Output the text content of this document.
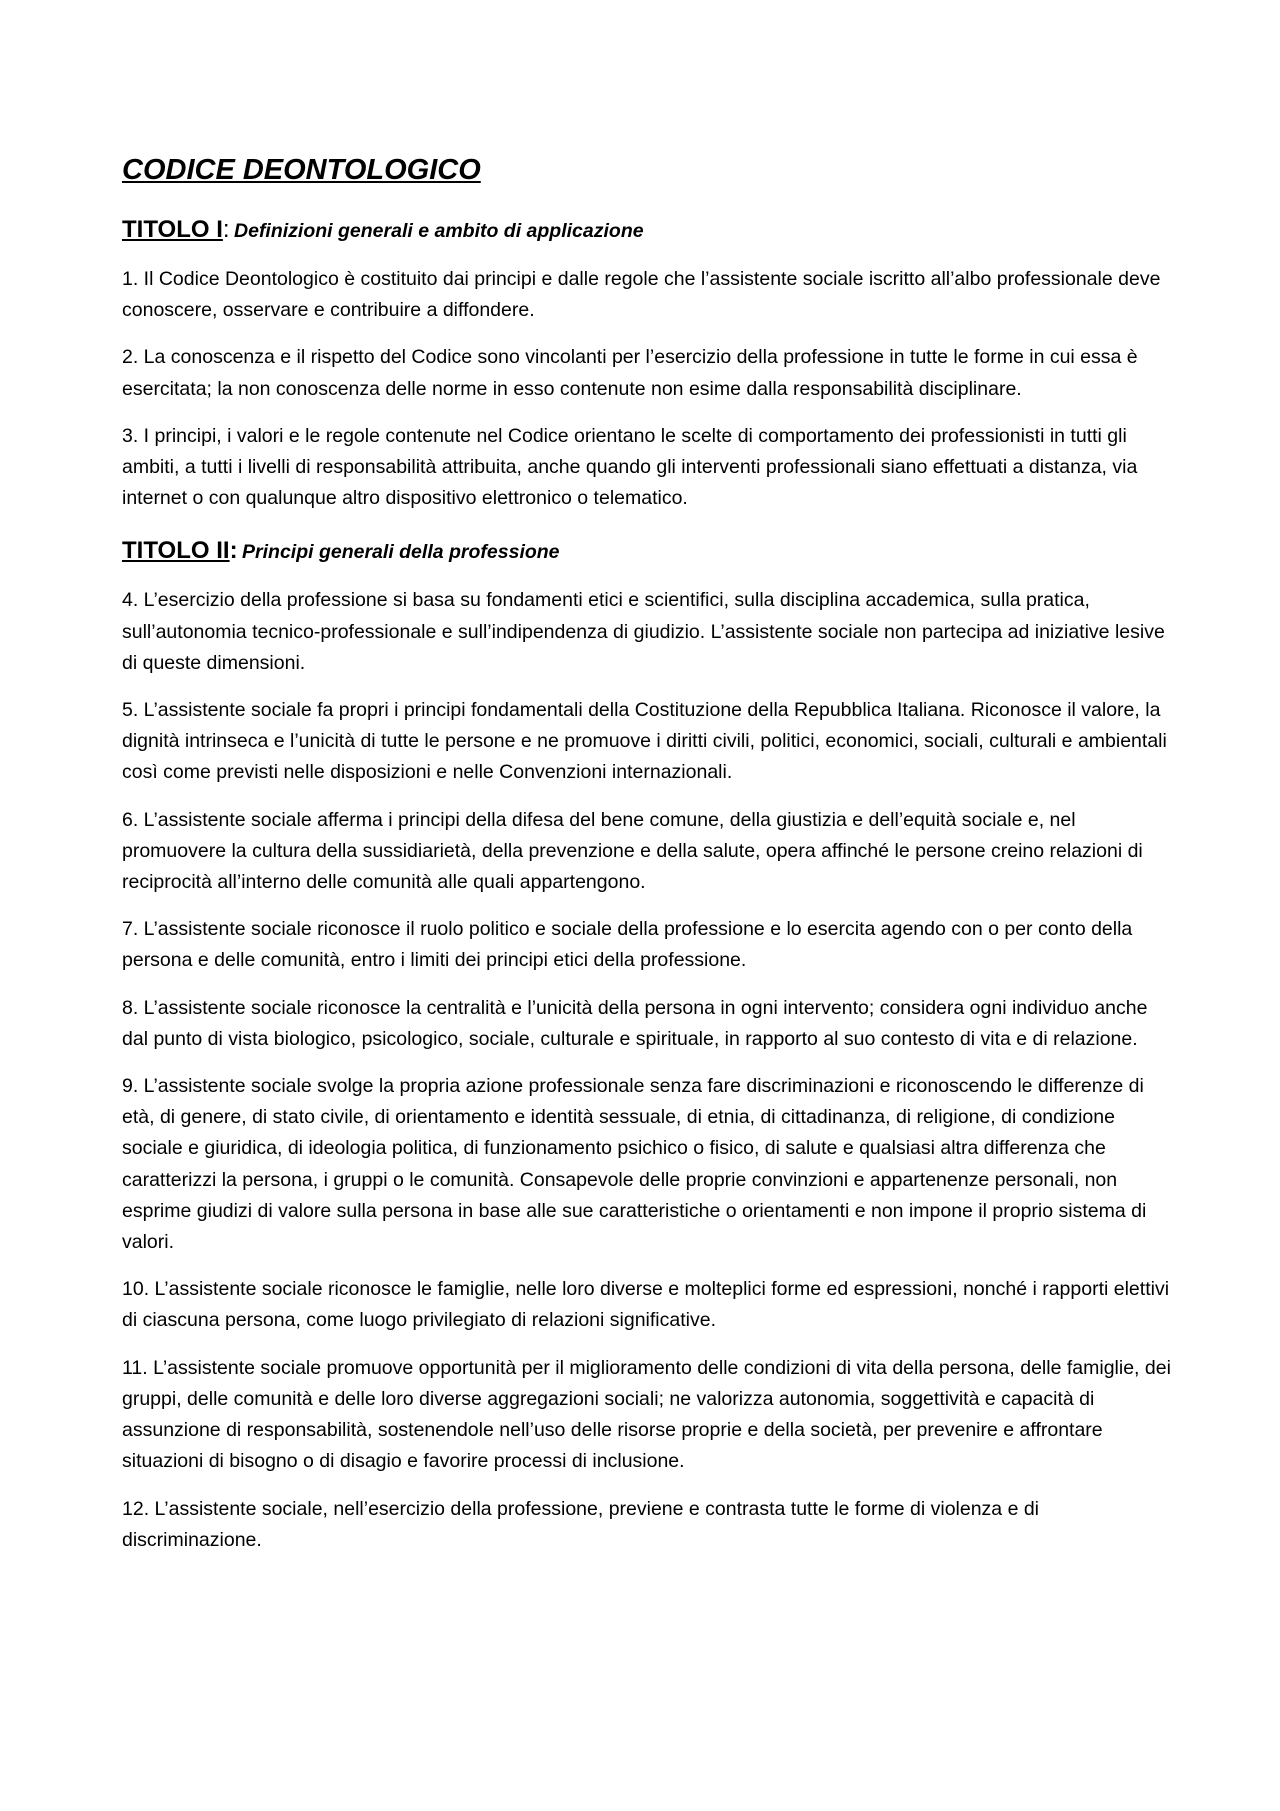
CODICE DEONTOLOGICO
TITOLO I: Definizioni generali e ambito di applicazione

1. Il Codice Deontologico è costituito dai principi e dalle regole che l’assistente sociale iscritto all’albo professionale deve conoscere, osservare e contribuire a diffondere.

2. La conoscenza e il rispetto del Codice sono vincolanti per l’esercizio della professione in tutte le forme in cui essa è esercitata; la non conoscenza delle norme in esso contenute non esime dalla responsabilità disciplinare.

3. I principi, i valori e le regole contenute nel Codice orientano le scelte di comportamento dei professionisti in tutti gli ambiti, a tutti i livelli di responsabilità attribuita, anche quando gli interventi professionali siano effettuati a distanza, via internet o con qualunque altro dispositivo elettronico o telematico.

TITOLO II: Principi generali della professione

4. L’esercizio della professione si basa su fondamenti etici e scientifici, sulla disciplina accademica, sulla pratica, sull’autonomia tecnico-professionale e sull’indipendenza di giudizio. L’assistente sociale non partecipa ad iniziative lesive di queste dimensioni.

5. L’assistente sociale fa propri i principi fondamentali della Costituzione della Repubblica Italiana. Riconosce il valore, la dignità intrinseca e l’unicità di tutte le persone e ne promuove i diritti civili, politici, economici, sociali, culturali e ambientali così come previsti nelle disposizioni e nelle Convenzioni internazionali.

6. L’assistente sociale afferma i principi della difesa del bene comune, della giustizia e dell’equità sociale e, nel promuovere la cultura della sussidiarietà, della prevenzione e della salute, opera affinché le persone creino relazioni di reciprocità all’interno delle comunità alle quali appartengono.

7. L’assistente sociale riconosce il ruolo politico e sociale della professione e lo esercita agendo con o per conto della persona e delle comunità, entro i limiti dei principi etici della professione.

8. L’assistente sociale riconosce la centralità e l’unicità della persona in ogni intervento; considera ogni individuo anche dal punto di vista biologico, psicologico, sociale, culturale e spirituale, in rapporto al suo contesto di vita e di relazione.

9. L’assistente sociale svolge la propria azione professionale senza fare discriminazioni e riconoscendo le differenze di età, di genere, di stato civile, di orientamento e identità sessuale, di etnia, di cittadinanza, di religione, di condizione sociale e giuridica, di ideologia politica, di funzionamento psichico o fisico, di salute e qualsiasi altra differenza che caratterizzi la persona, i gruppi o le comunità. Consapevole delle proprie convinzioni e appartenenze personali, non esprime giudizi di valore sulla persona in base alle sue caratteristiche o orientamenti e non impone il proprio sistema di valori.

10. L’assistente sociale riconosce le famiglie, nelle loro diverse e molteplici forme ed espressioni, nonché i rapporti elettivi di ciascuna persona, come luogo privilegiato di relazioni significative.

11. L’assistente sociale promuove opportunità per il miglioramento delle condizioni di vita della persona, delle famiglie, dei gruppi, delle comunità e delle loro diverse aggregazioni sociali; ne valorizza autonomia, soggettività e capacità di assunzione di responsabilità, sostenendole nell’uso delle risorse proprie e della società, per prevenire e affrontare situazioni di bisogno o di disagio e favorire processi di inclusione.

12. L’assistente sociale, nell’esercizio della professione, previene e contrasta tutte le forme di violenza e di discriminazione.
